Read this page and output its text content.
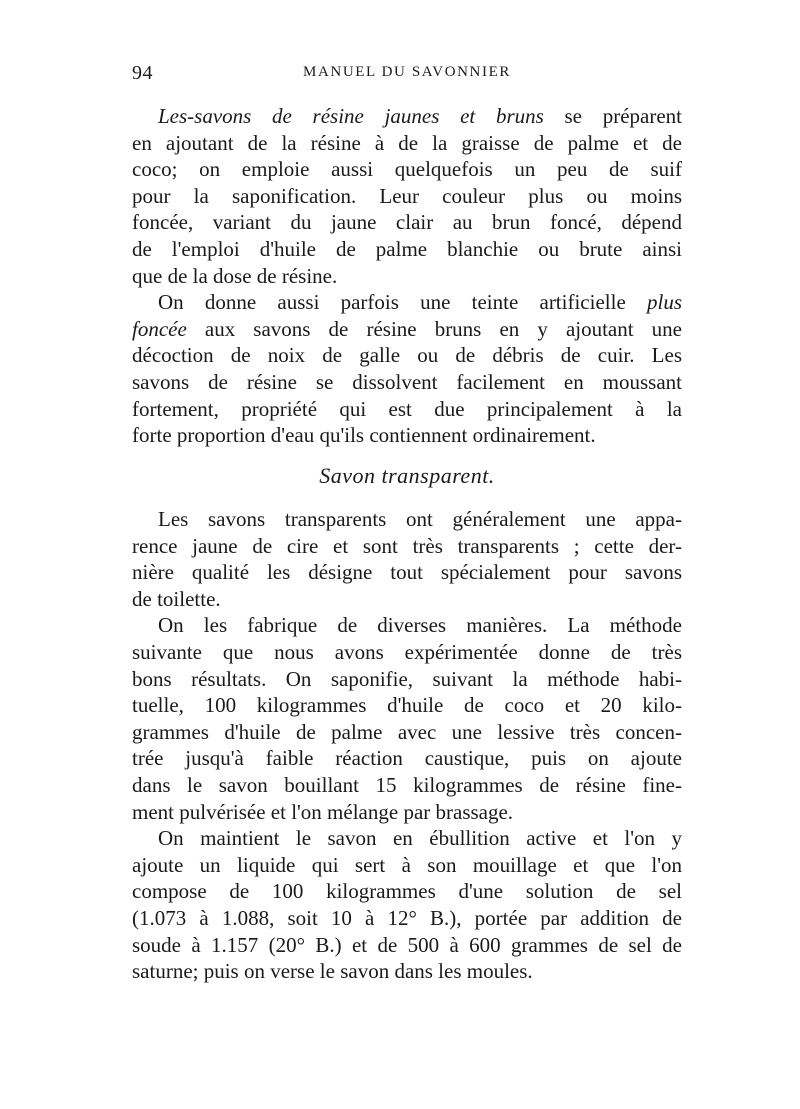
94	MANUEL DU SAVONNIER
Les-savons de résine jaunes et bruns se préparent
en ajoutant de la résine à de la graisse de palme et de
coco; on emploie aussi quelquefois un peu de suif
pour la saponification. Leur couleur plus ou moins
foncée, variant du jaune clair au brun foncé, dépend
de l'emploi d'huile de palme blanchie ou brute ainsi
que de la dose de résine.
On donne aussi parfois une teinte artificielle plus
foncée aux savons de résine bruns en y ajoutant une
décoction de noix de galle ou de débris de cuir. Les
savons de résine se dissolvent facilement en moussant
fortement, propriété qui est due principalement à la
forte proportion d'eau qu'ils contiennent ordinairement.
Savon transparent.
Les savons transparents ont généralement une appa-
rence jaune de cire et sont très transparents ; cette der-
nière qualité les désigne tout spécialement pour savons
de toilette.
On les fabrique de diverses manières. La méthode
suivante que nous avons expérimentée donne de très
bons résultats. On saponifie, suivant la méthode habi-
tuelle, 100 kilogrammes d'huile de coco et 20 kilo-
grammes d'huile de palme avec une lessive très concen-
trée jusqu'à faible réaction caustique, puis on ajoute
dans le savon bouillant 15 kilogrammes de résine fine-
ment pulvérisée et l'on mélange par brassage.
On maintient le savon en ébullition active et l'on y
ajoute un liquide qui sert à son mouillage et que l'on
compose de 100 kilogrammes d'une solution de sel
(1.073 à 1.088, soit 10 à 12° B.), portée par addition de
soude à 1.157 (20° B.) et de 500 à 600 grammes de sel de
saturne; puis on verse le savon dans les moules.
